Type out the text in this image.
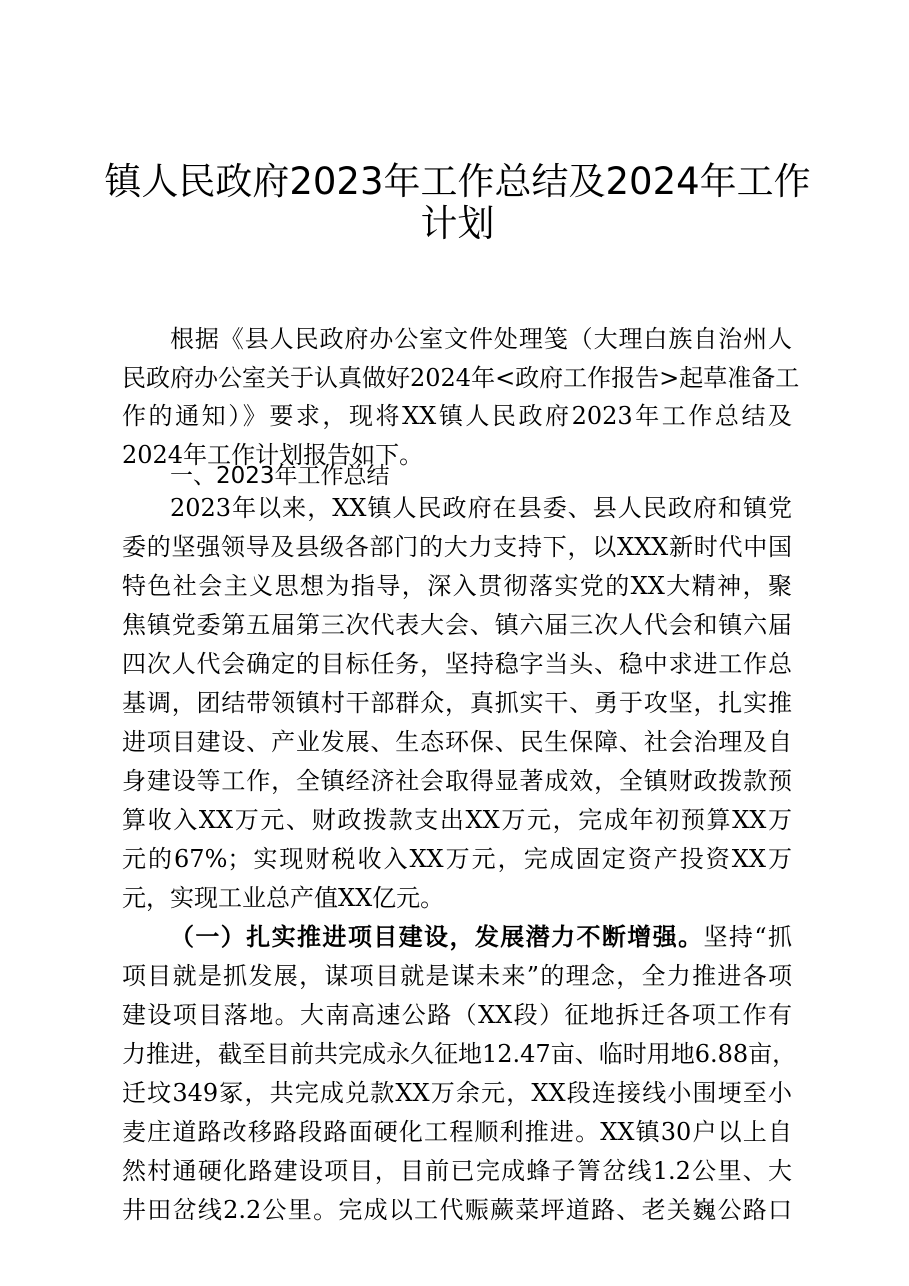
镇人民政府2023年工作总结及2024年工作
计划
根据《县人民政府办公室文件处理笺（大理白族自治州人
民政府办公室关于认真做好2024年<政府工作报告>起草准备工
作的通知）》要求，现将XX镇人民政府2023年工作总结及
2024年工作计划报告如下。
一、2023年工作总结
2023年以来，XX镇人民政府在县委、县人民政府和镇党
委的坚强领导及县级各部门的大力支持下，以XXX新时代中国
特色社会主义思想为指导，深入贯彻落实党的XX大精神，聚
焦镇党委第五届第三次代表大会、镇六届三次人代会和镇六届
四次人代会确定的目标任务，坚持稳字当头、稳中求进工作总
基调，团结带领镇村干部群众，真抓实干、勇于攻坚，扎实推
进项目建设、产业发展、生态环保、民生保障、社会治理及自
身建设等工作，全镇经济社会取得显著成效，全镇财政拨款预
算收入XX万元、财政拨款支出XX万元，完成年初预算XX万
元的67%；实现财税收入XX万元，完成固定资产投资XX万
元，实现工业总产值XX亿元。
（一）扎实推进项目建设，发展潜力不断增强。坚持“抓
项目就是抓发展，谋项目就是谋未来”的理念，全力推进各项
建设项目落地。大南高速公路（XX段）征地拆迁各项工作有
力推进，截至目前共完成永久征地12.47亩、临时用地6.88亩，
迁坟349冢，共完成兑款XX万余元，XX段连接线小围埂至小
麦庄道路改移路段路面硬化工程顺利推进。XX镇30户以上自
然村通硬化路建设项目，目前已完成蜂子箐岔线1.2公里、大
井田岔线2.2公里。完成以工代赈蕨菜坪道路、老关巍公路口
